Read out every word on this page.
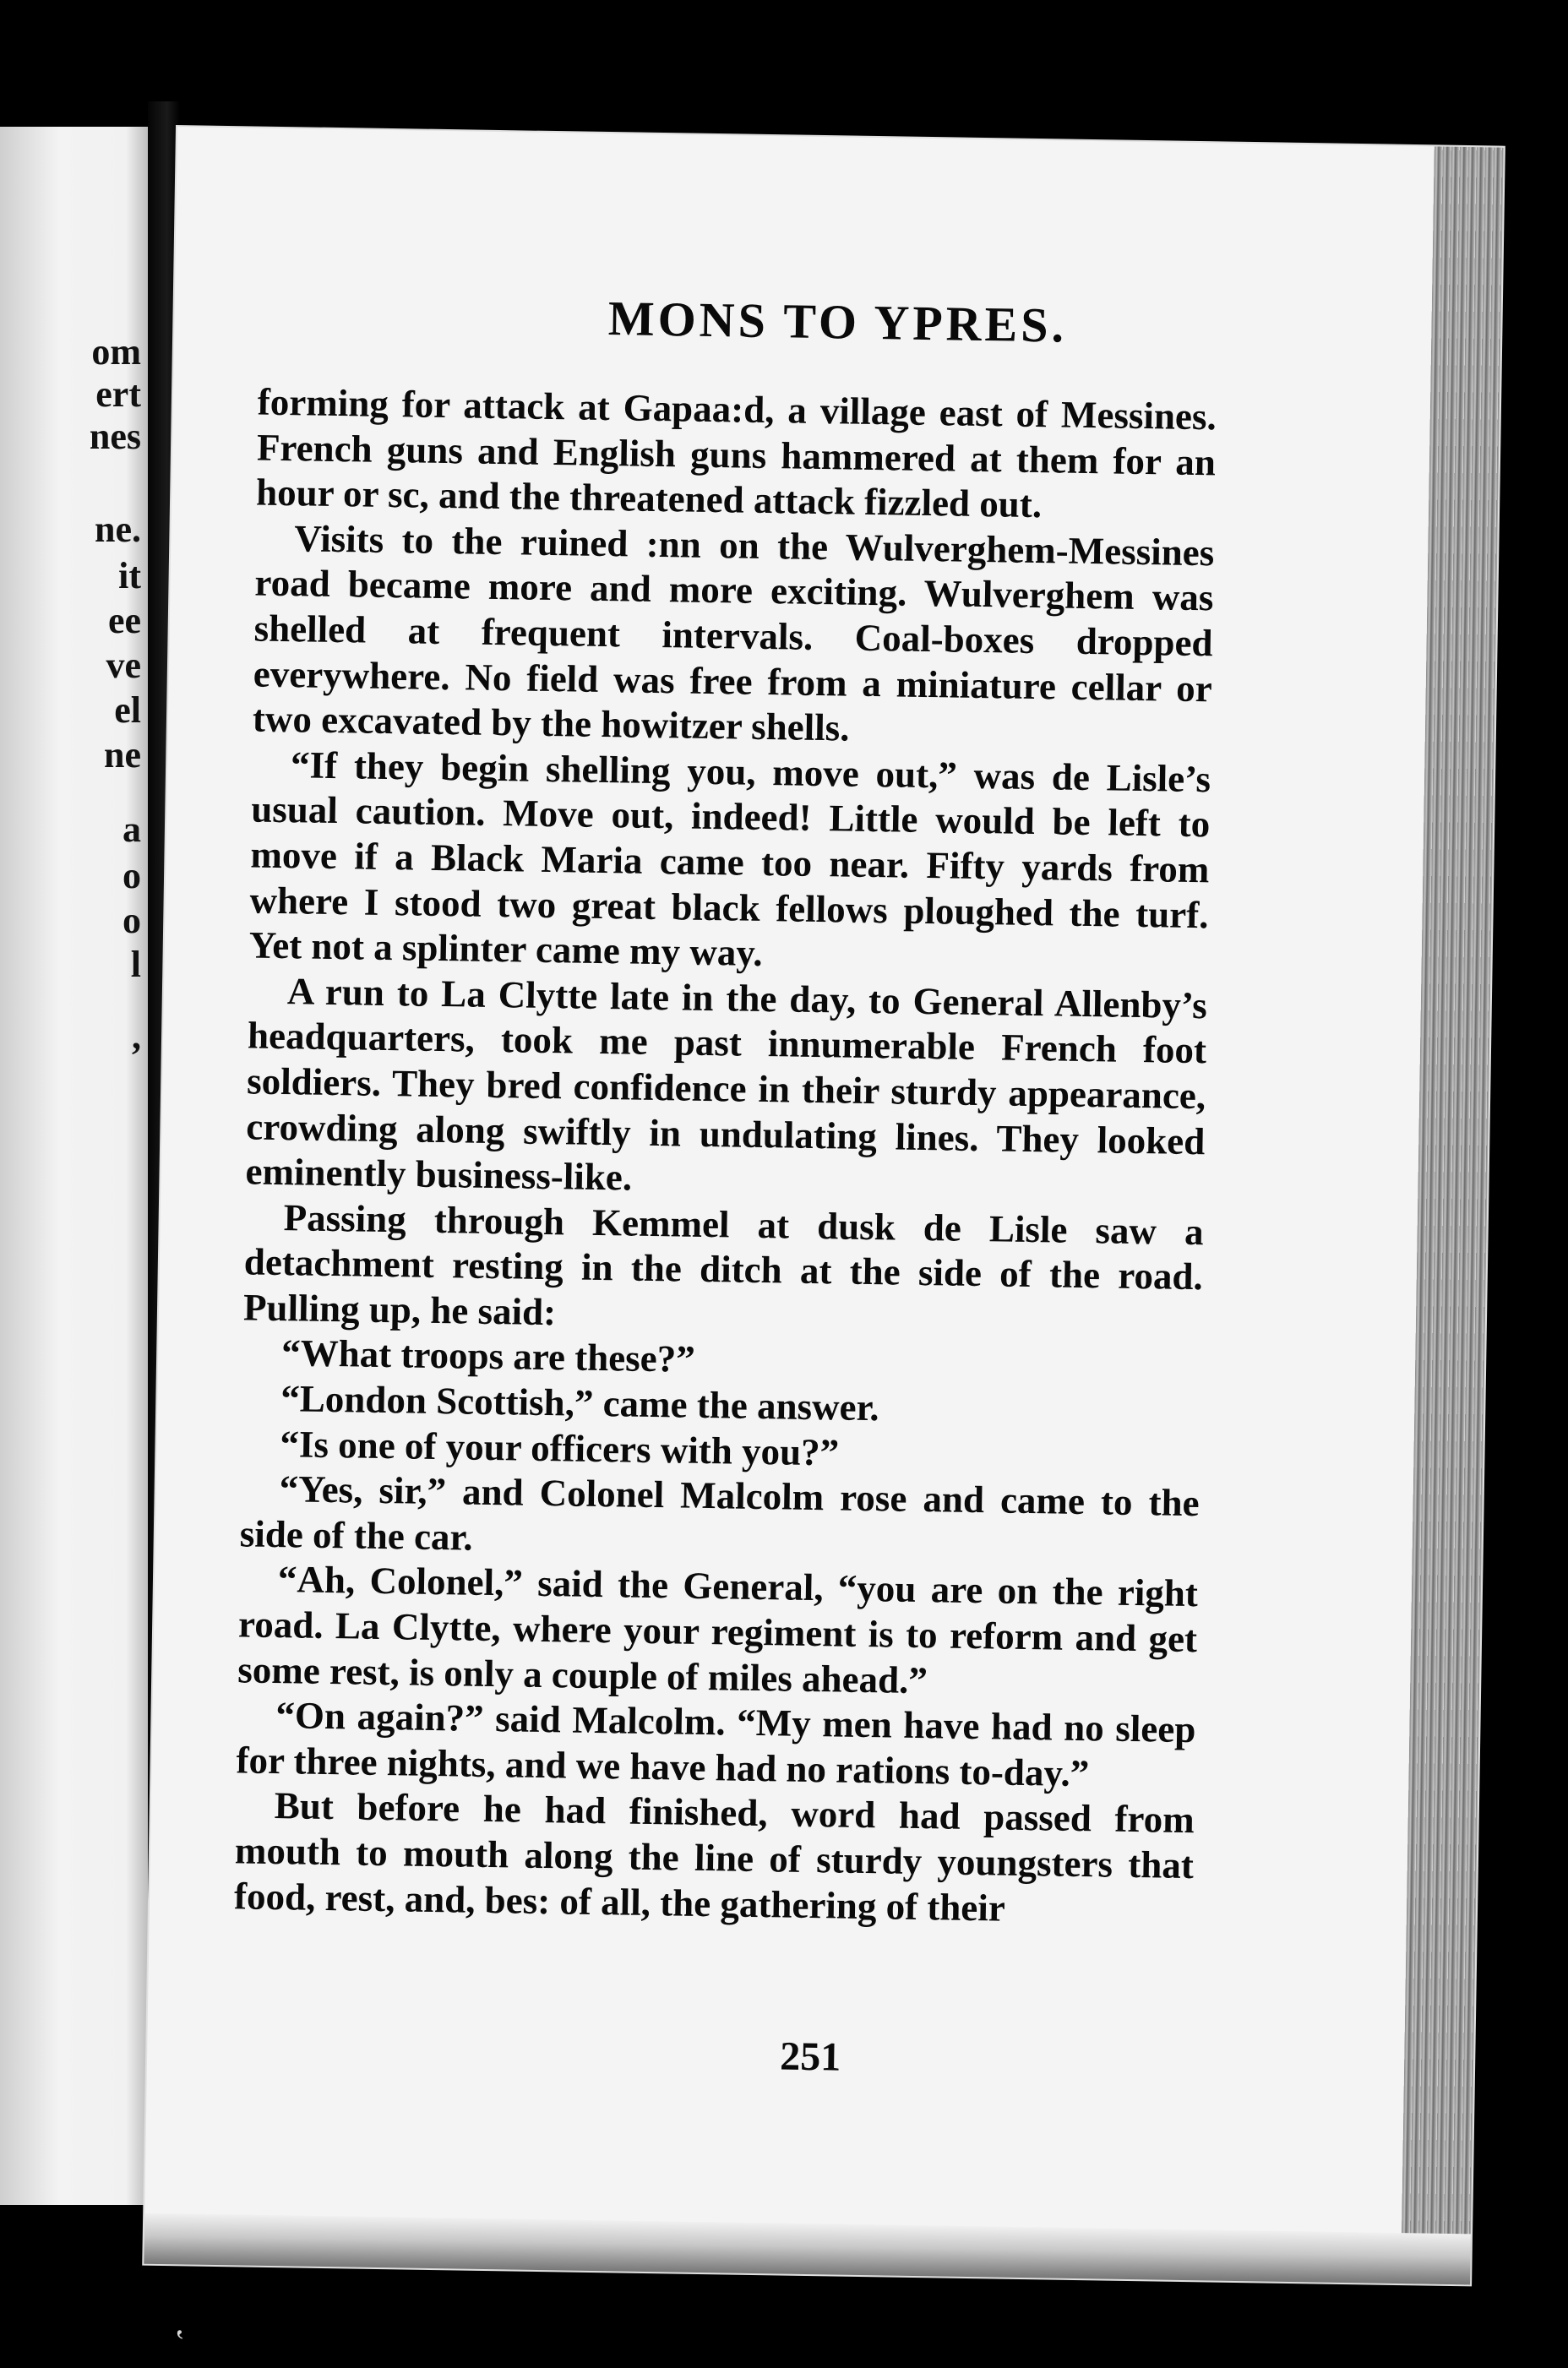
om
ert
nes
ne.
it
ee
ve
el
ne
a
o
o
l
,
MONS TO YPRES.

forming for attack at Gapaa:d, a village east of Messines. French guns and English guns hammered at them for an hour or sc, and the threatened attack fizzled out.

Visits to the ruined :nn on the Wulverghem-Messines road became more and more exciting. Wulverghem was shelled at frequent intervals. Coal-boxes dropped everywhere. No field was free from a miniature cellar or two excavated by the howitzer shells.

“If they begin shelling you, move out,” was de Lisle’s usual caution. Move out, indeed! Little would be left to move if a Black Maria came too near. Fifty yards from where I stood two great black fellows ploughed the turf. Yet not a splinter came my way.

A run to La Clytte late in the day, to General Allenby’s headquarters, took me past innumerable French foot soldiers. They bred confidence in their sturdy appearance, crowding along swiftly in undulating lines. They looked eminently business-like.

Passing through Kemmel at dusk de Lisle saw a detachment resting in the ditch at the side of the road. Pulling up, he said:

“What troops are these?”

“London Scottish,” came the answer.

“Is one of your officers with you?”

“Yes, sir,” and Colonel Malcolm rose and came to the side of the car.

“Ah, Colonel,” said the General, “you are on the right road. La Clytte, where your regiment is to reform and get some rest, is only a couple of miles ahead.”

“On again?” said Malcolm. “My men have had no sleep for three nights, and we have had no rations to-day.”

But before he had finished, word had passed from mouth to mouth along the line of sturdy youngsters that food, rest, and, bes: of all, the gathering of their

251

‛
